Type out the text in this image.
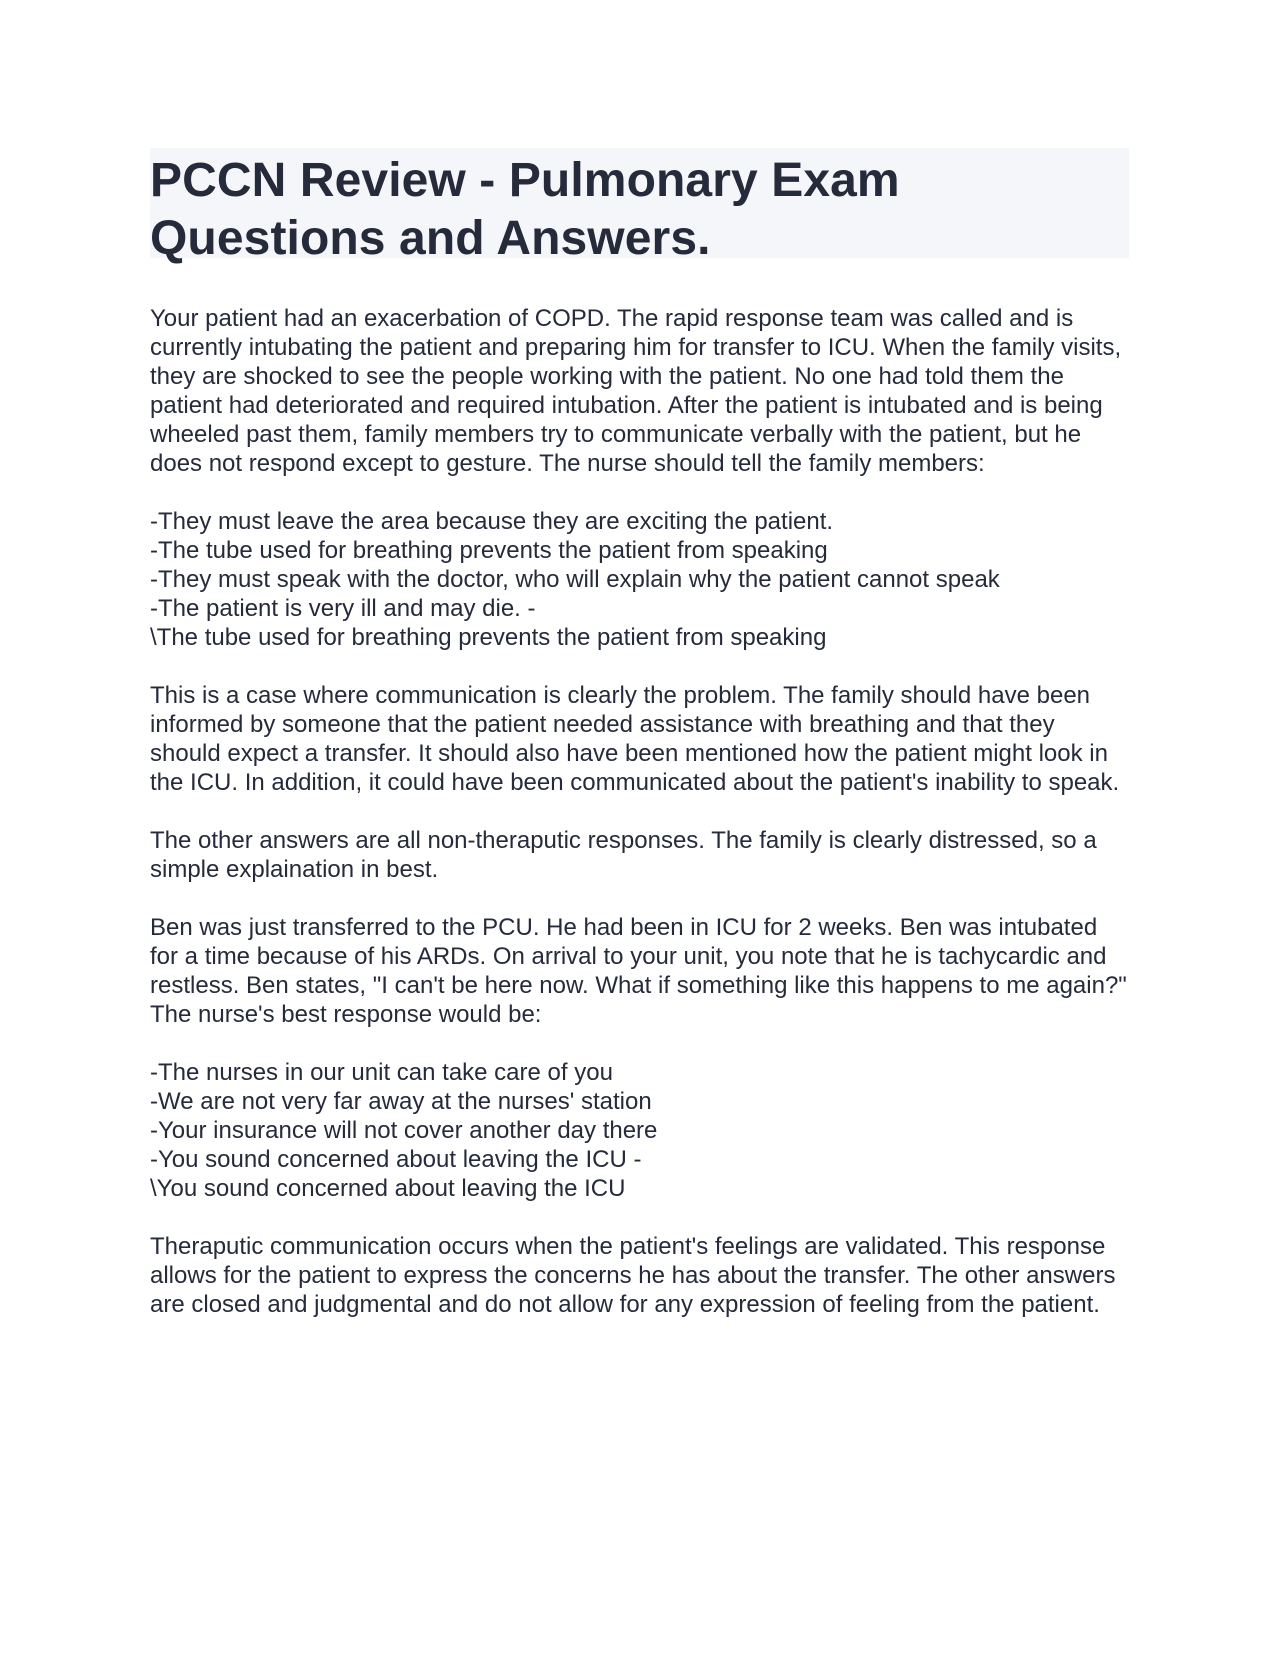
PCCN Review - Pulmonary Exam Questions and Answers.

Your patient had an exacerbation of COPD. The rapid response team was called and is currently intubating the patient and preparing him for transfer to ICU. When the family visits, they are shocked to see the people working with the patient. No one had told them the patient had deteriorated and required intubation. After the patient is intubated and is being wheeled past them, family members try to communicate verbally with the patient, but he does not respond except to gesture. The nurse should tell the family members:

-They must leave the area because they are exciting the patient.
-The tube used for breathing prevents the patient from speaking
-They must speak with the doctor, who will explain why the patient cannot speak
-The patient is very ill and may die. -
\The tube used for breathing prevents the patient from speaking

This is a case where communication is clearly the problem. The family should have been informed by someone that the patient needed assistance with breathing and that they should expect a transfer. It should also have been mentioned how the patient might look in the ICU. In addition, it could have been communicated about the patient's inability to speak.

The other answers are all non-theraputic responses. The family is clearly distressed, so a simple explaination in best.

Ben was just transferred to the PCU. He had been in ICU for 2 weeks. Ben was intubated for a time because of his ARDs. On arrival to your unit, you note that he is tachycardic and restless. Ben states, "I can't be here now. What if something like this happens to me again?" The nurse's best response would be:

-The nurses in our unit can take care of you
-We are not very far away at the nurses' station
-Your insurance will not cover another day there
-You sound concerned about leaving the ICU -
\You sound concerned about leaving the ICU

Theraputic communication occurs when the patient's feelings are validated. This response allows for the patient to express the concerns he has about the transfer. The other answers are closed and judgmental and do not allow for any expression of feeling from the patient.
